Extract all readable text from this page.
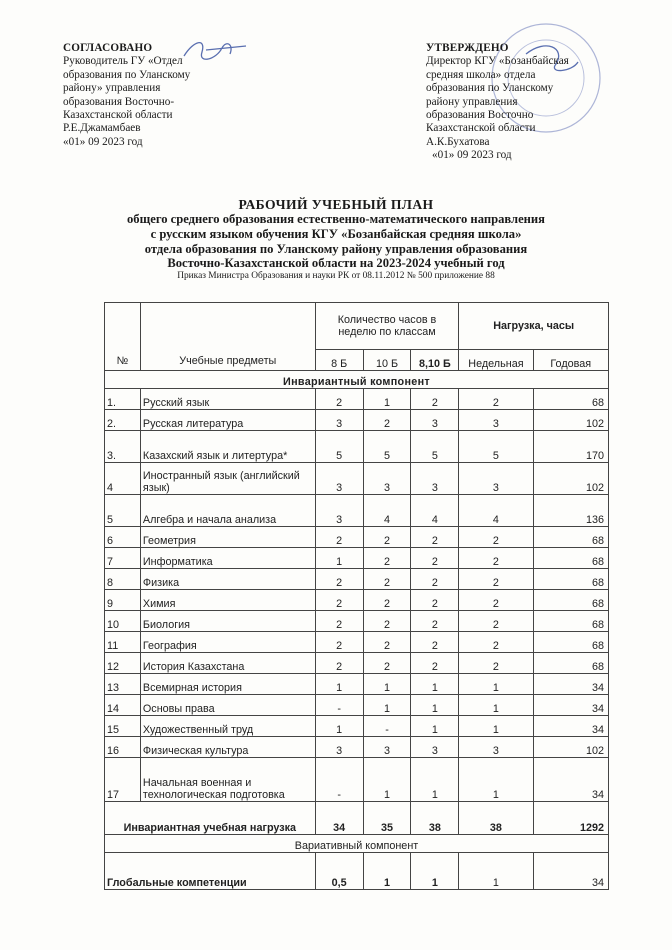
СОГЛАСОВАНО
Руководитель ГУ «Отдел
образования по Уланскому
району» управления
образования Восточно-
Казахстанской области
Р.Е.Джамамбаев
«01» 09 2023 год
УТВЕРЖДЕНО
Директор КГУ «Бозанбайская
средняя школа» отдела
образования по Уланскому
району управления
образования Восточно
Казахстанской области
А.К.Бухатова
«01» 09 2023 год
РАБОЧИЙ УЧЕБНЫЙ ПЛАН
общего среднего образования естественно-математического направления
с русским языком обучения КГУ «Бозанбайская средняя школа»
отдела образования по Уланскому району управления образования
Восточно-Казахстанской области на 2023-2024 учебный год
Приказ Министра Образования и науки РК от 08.11.2012 № 500 приложение 88
№	Учебные предметы	Количество часов в неделю по классам			Нагрузка, часы	
		8 Б	10 Б	8,10 Б	Недельная	Годовая
Инвариантный компонент						
1.	Русский язык	2	1	2	2	68
2.	Русская литература	3	2	3	3	102
3.	Казахский язык и литертура*	5	5	5	5	170
4	Иностранный язык (английский язык)	3	3	3	3	102
5	Алгебра и начала анализа	3	4	4	4	136
6	Геометрия	2	2	2	2	68
7	Информатика	1	2	2	2	68
8	Физика	2	2	2	2	68
9	Химия	2	2	2	2	68
10	Биология	2	2	2	2	68
11	География	2	2	2	2	68
12	История Казахстана	2	2	2	2	68
13	Всемирная история	1	1	1	1	34
14	Основы права	-	1	1	1	34
15	Художественный труд	1	-	1	1	34
16	Физическая культура	3	3	3	3	102
17	Начальная военная и технологическая подготовка	-	1	1	1	34
Инвариантная учебная нагрузка		34	35	38	38	1292
Вариативный компонент						
Глобальные компетенции		0,5	1	1	1	34
